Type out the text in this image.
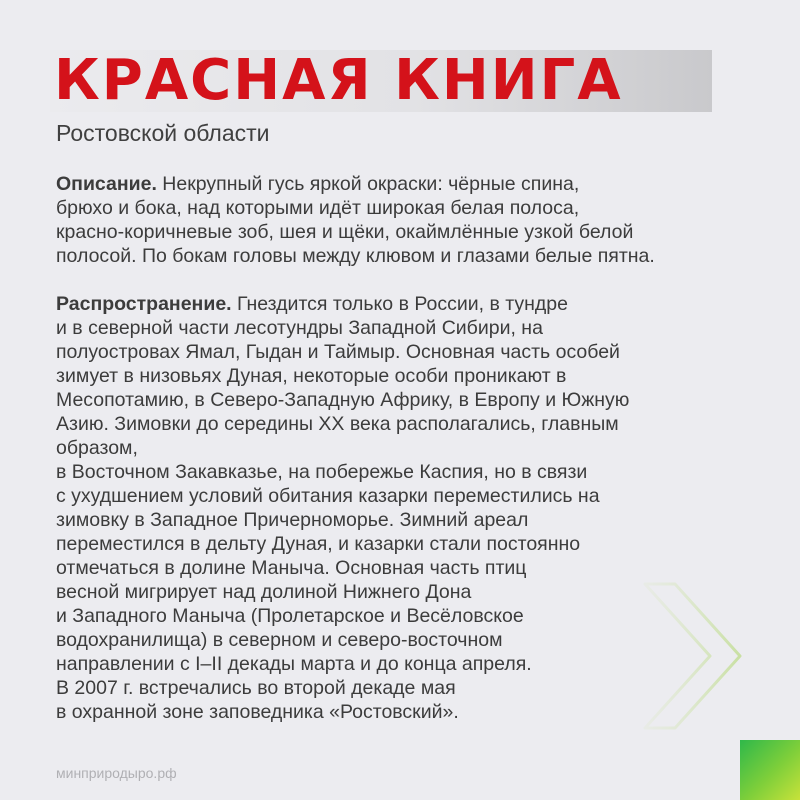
КРАСНАЯ КНИГА
Ростовской области

Описание. Некрупный гусь яркой окраски: чёрные спина,
брюхо и бока, над которыми идёт широкая белая полоса,
красно-коричневые зоб, шея и щёки, окаймлённые узкой белой
полосой. По бокам головы между клювом и глазами белые пятна.

Распространение. Гнездится только в России, в тундре
и в северной части лесотундры Западной Сибири, на
полуостровах Ямал, Гыдан и Таймыр. Основная часть особей
зимует в низовьях Дуная, некоторые особи проникают в
Месопотамию, в Северо-Западную Африку, в Европу и Южную
Азию. Зимовки до середины XX века располагались, главным
образом,
в Восточном Закавказье, на побережье Каспия, но в связи
с ухудшением условий обитания казарки переместились на
зимовку в Западное Причерноморье. Зимний ареал
переместился в дельту Дуная, и казарки стали постоянно
отмечаться в долине Маныча. Основная часть птиц
весной мигрирует над долиной Нижнего Дона
и Западного Маныча (Пролетарское и Весёловское
водохранилища) в северном и северо-восточном
направлении с I–II декады марта и до конца апреля.
В 2007 г. встречались во второй декаде мая
в охранной зоне заповедника «Ростовский».

минприродыро.рф
